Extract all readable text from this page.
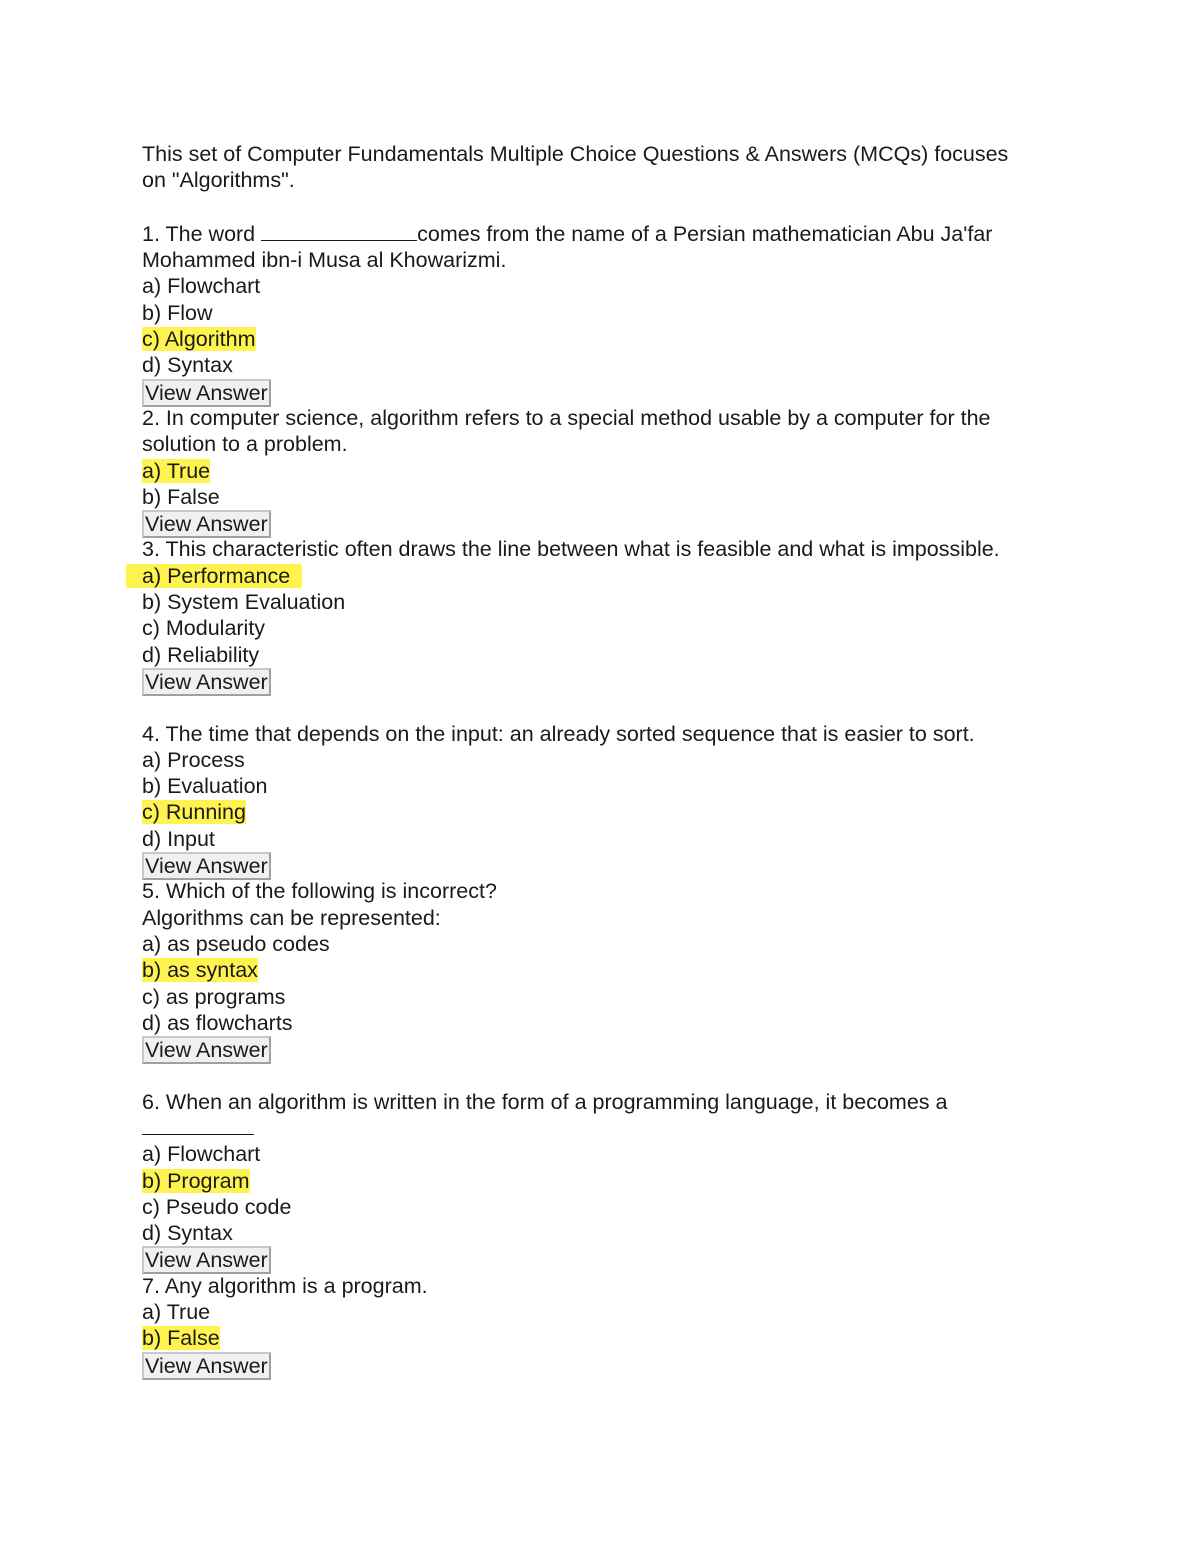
This set of Computer Fundamentals Multiple Choice Questions & Answers (MCQs) focuses
on "Algorithms".
1. The word	comes from the name of a Persian mathematician Abu Ja'far
Mohammed ibn-i Musa al Khowarizmi.
a) Flowchart
b) Flow
c) Algorithm
d) Syntax
View Answer
2. In computer science, algorithm refers to a special method usable by a computer for the
solution to a problem.
a) True
b) False
View Answer
3. This characteristic often draws the line between what is feasible and what is impossible.
a) Performance
b) System Evaluation
c) Modularity
d) Reliability
View Answer
4. The time that depends on the input: an already sorted sequence that is easier to sort.
a) Process
b) Evaluation
c) Running
d) Input
View Answer
5. Which of the following is incorrect?
Algorithms can be represented:
a) as pseudo codes
b) as syntax
c) as programs
d) as flowcharts
View Answer
6. When an algorithm is written in the form of a programming language, it becomes a
a) Flowchart
b) Program
c) Pseudo code
d) Syntax
View Answer
7. Any algorithm is a program.
a) True
b) False
View Answer
